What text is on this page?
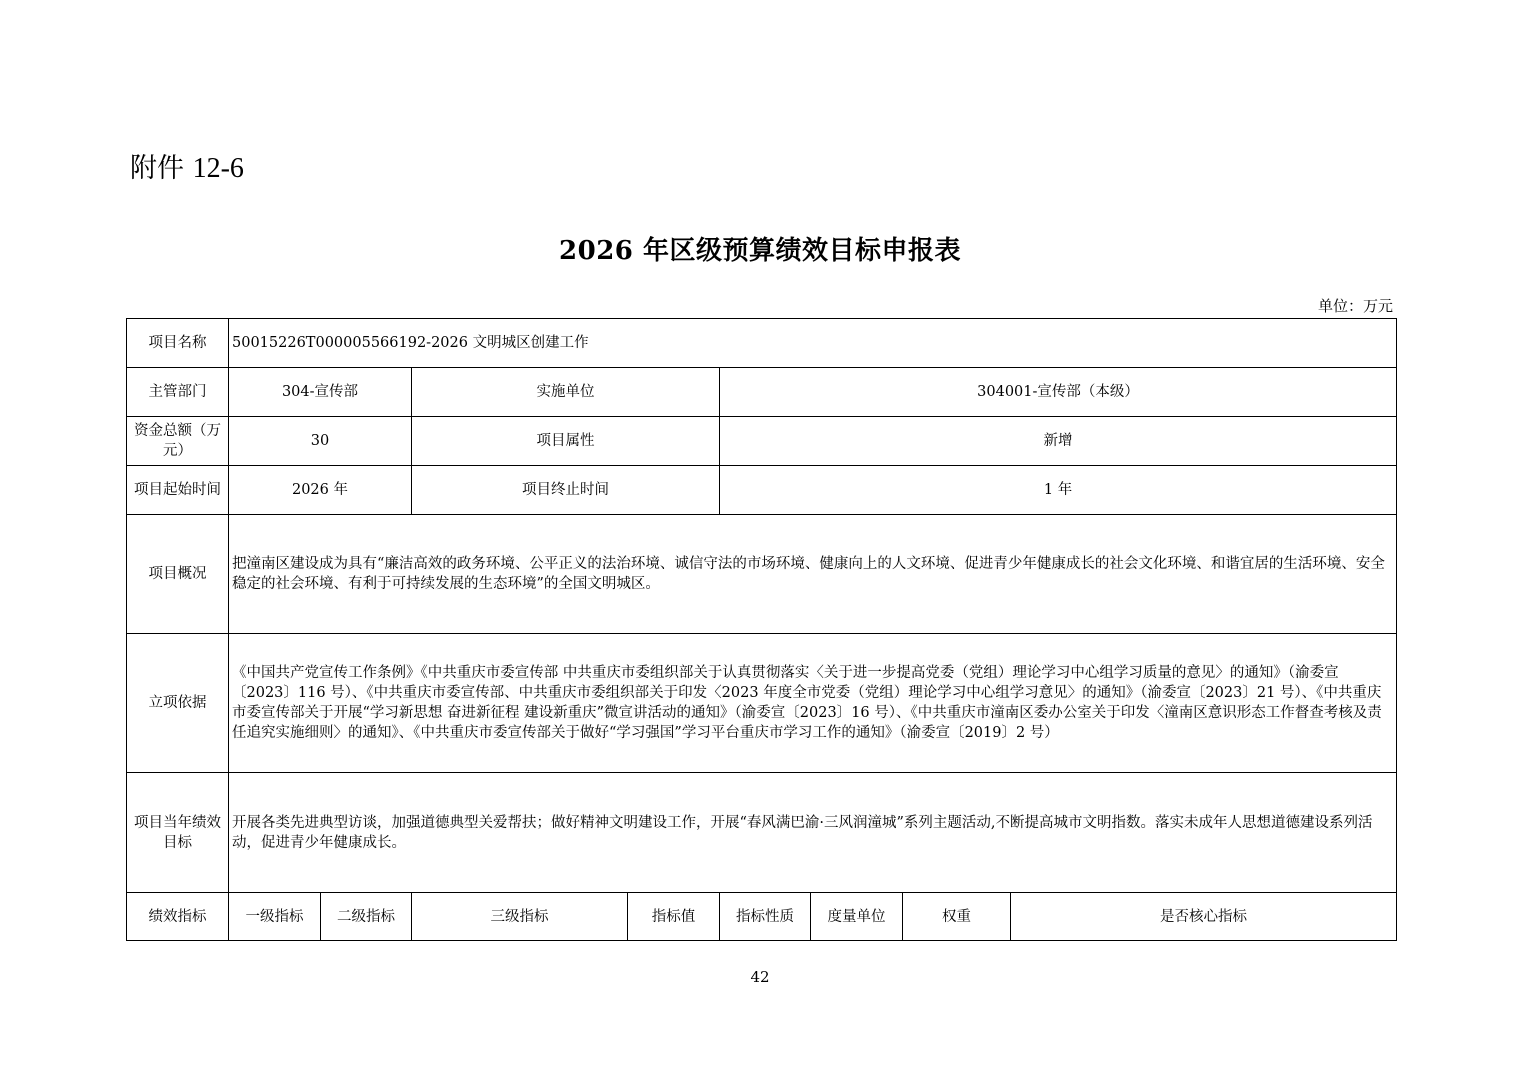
附件 12-6
2026 年区级预算绩效目标申报表
单位：万元
项目名称	50015226T000005566192-2026 文明城区创建工作							
主管部门	304-宣传部		实施单位		304001-宣传部（本级）			
资金总额（万元）	30		项目属性		新增			
项目起始时间	2026 年		项目终止时间		1 年			
项目概况	把潼南区建设成为具有“廉洁高效的政务环境、公平正义的法治环境、诚信守法的市场环境、健康向上的人文环境、促进青少年健康成长的社会文化环境、和谐宜居的生活环境、安全稳定的社会环境、有利于可持续发展的生态环境”的全国文明城区。							
立项依据	《中国共产党宣传工作条例》《中共重庆市委宣传部 中共重庆市委组织部关于认真贯彻落实〈关于进一步提高党委（党组）理论学习中心组学习质量的意见〉的通知》（渝委宣〔2023〕116 号）、《中共重庆市委宣传部、中共重庆市委组织部关于印发〈2023 年度全市党委（党组）理论学习中心组学习意见〉的通知》（渝委宣〔2023〕21 号）、《中共重庆市委宣传部关于开展“学习新思想 奋进新征程 建设新重庆”微宣讲活动的通知》（渝委宣〔2023〕16 号）、《中共重庆市潼南区委办公室关于印发〈潼南区意识形态工作督查考核及责任追究实施细则〉的通知》、《中共重庆市委宣传部关于做好“学习强国”学习平台重庆市学习工作的通知》（渝委宣〔2019〕2 号）							
项目当年绩效目标	开展各类先进典型访谈，加强道德典型关爱帮扶；做好精神文明建设工作，开展“春风满巴渝·三风润潼城”系列主题活动,不断提高城市文明指数。落实未成年人思想道德建设系列活动，促进青少年健康成长。							
绩效指标	一级指标	二级指标	三级指标	指标值	指标性质	度量单位	权重	是否核心指标
42
